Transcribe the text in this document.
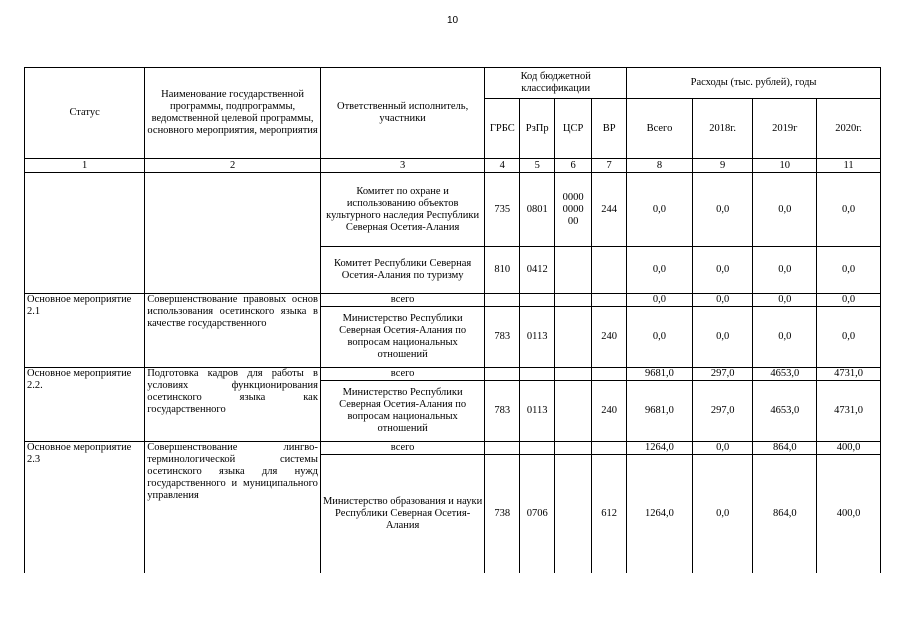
10
Статус	Наименование государственной программы, подпрограммы, ведомственной целевой программы, основного мероприятия, мероприятия	Ответственный исполнитель, участники	Код бюджетной классификации				Расходы (тыс. рублей), годы			
			ГРБС	РзПр	ЦСР	ВР	Всего	2018г.	2019г	2020г.
1	2	3	4	5	6	7	8	9	10	11
		Комитет по охране и использованию объектов культурного наследия Республики Северная Осетия-Алания	735	0801	0000 0000 00	244	0,0	0,0	0,0	0,0
		Комитет Республики Северная Осетия-Алания по туризму	810	0412			0,0	0,0	0,0	0,0
Основное мероприятие 2.1	Совершенствование правовых основ использования осетинского языка в качестве государственного	всего					0,0	0,0	0,0	0,0
		Министерство Республики Северная Осетия-Алания по вопросам национальных отношений	783	0113		240	0,0	0,0	0,0	0,0
Основное мероприятие 2.2.	Подготовка кадров для работы в условиях функционирования осетинского языка как государственного	всего					9681,0	297,0	4653,0	4731,0
		Министерство Республики Северная Осетия-Алания по вопросам национальных отношений	783	0113		240	9681,0	297,0	4653,0	4731,0
Основное мероприятие 2.3	Совершенствование лингво-терминологической системы осетинского языка для нужд государственного и муниципального управления	всего					1264,0	0,0	864,0	400,0
		Министерство образования и науки Республики Северная Осетия-Алания	738	0706		612	1264,0	0,0	864,0	400,0
